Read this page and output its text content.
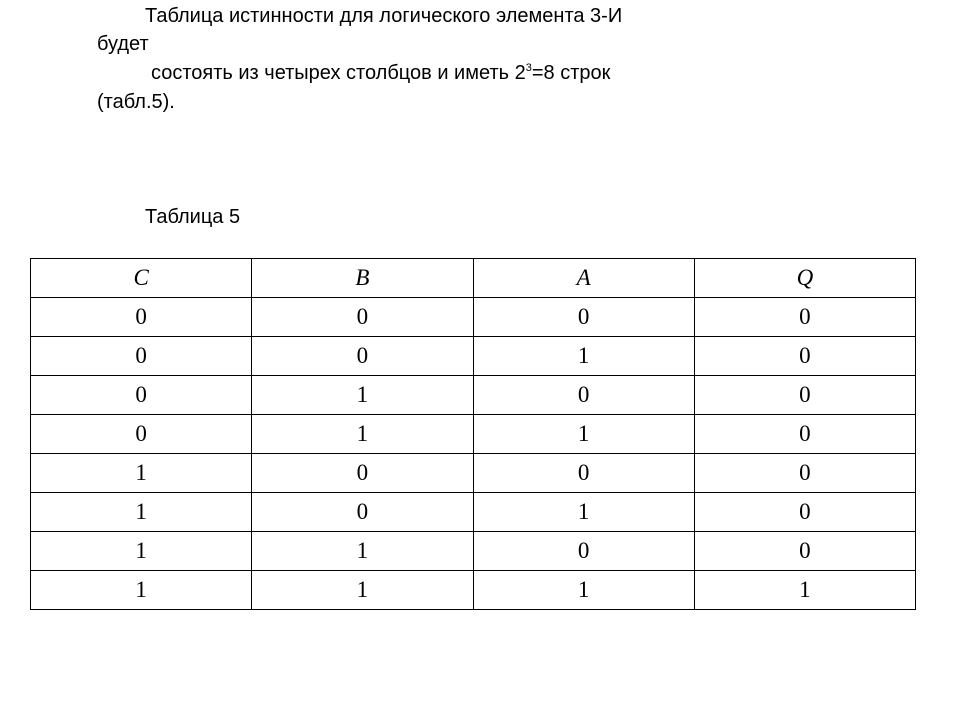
Таблица истинности для логического элемента 3-И
будет
состоять из четырех столбцов и иметь $2^3=8$ строк
(табл.5).
Таблица 5
C	B	A	Q
0	0	0	0
0	0	1	0
0	1	0	0
0	1	1	0
1	0	0	0
1	0	1	0
1	1	0	0
1	1	1	1
